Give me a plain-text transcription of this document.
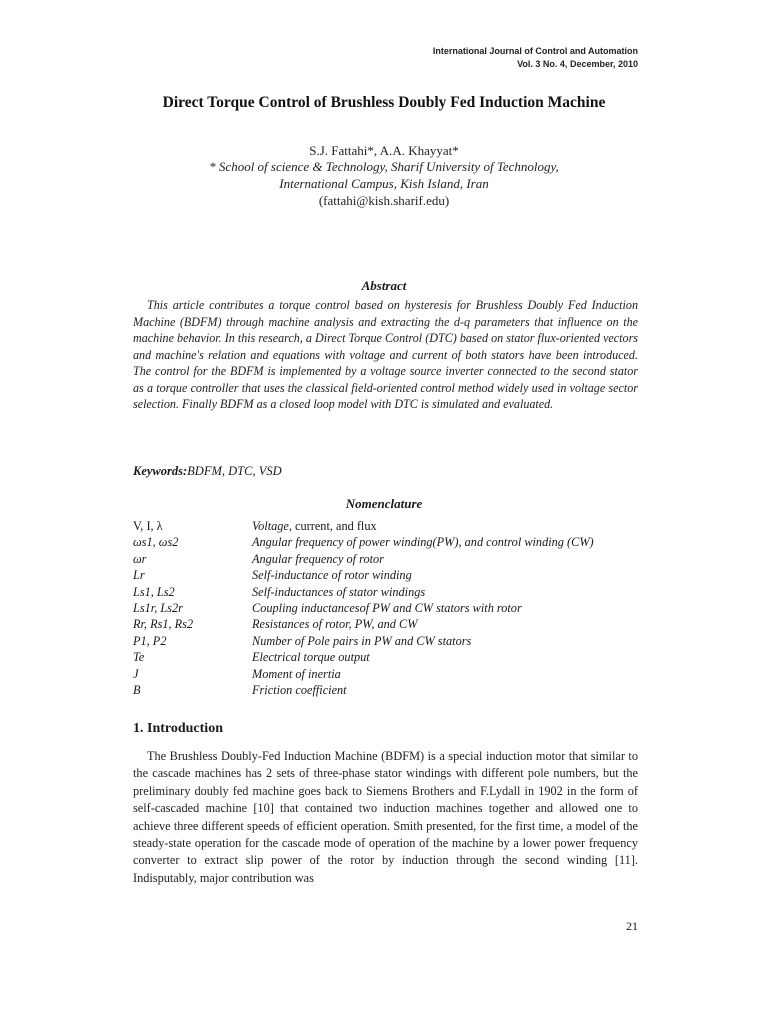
International Journal of Control and Automation
Vol. 3 No. 4, December, 2010
Direct Torque Control of Brushless Doubly Fed Induction Machine
S.J. Fattahi*, A.A. Khayyat*
* School of science & Technology, Sharif University of Technology,
International Campus, Kish Island, Iran
(fattahi@kish.sharif.edu)
Abstract
This article contributes a torque control based on hysteresis for Brushless Doubly Fed Induction Machine (BDFM) through machine analysis and extracting the d-q parameters that influence on the machine behavior. In this research, a Direct Torque Control (DTC) based on stator flux-oriented vectors and machine's relation and equations with voltage and current of both stators have been introduced. The control for the BDFM is implemented by a voltage source inverter connected to the second stator as a torque controller that uses the classical field-oriented control method widely used in voltage sector selection. Finally BDFM as a closed loop model with DTC is simulated and evaluated.
Keywords:BDFM, DTC, VSD
Nomenclature
V, I, λ	Voltage, current, and flux
ωs1, ωs2	Angular frequency of power winding(PW), and control winding (CW)
ωr	Angular frequency of rotor
Lr	Self-inductance of rotor winding
Ls1, Ls2	Self-inductances of stator windings
Ls1r, Ls2r	Coupling inductancesof PW and CW stators with rotor
Rr, Rs1, Rs2	Resistances of rotor, PW, and CW
P1, P2	Number of Pole pairs in PW and CW stators
Te	Electrical torque output
J	Moment of inertia
B	Friction coefficient
1. Introduction
The Brushless Doubly-Fed Induction Machine (BDFM) is a special induction motor that similar to the cascade machines has 2 sets of three-phase stator windings with different pole numbers, but the preliminary doubly fed machine goes back to Siemens Brothers and F.Lydall in 1902 in the form of self-cascaded machine [10] that contained two induction machines together and allowed one to achieve three different speeds of efficient operation. Smith presented, for the first time, a model of the steady-state operation for the cascade mode of operation of the machine by a lower power frequency converter to extract slip power of the rotor by induction through the second winding [11]. Indisputably, major contribution was
21
